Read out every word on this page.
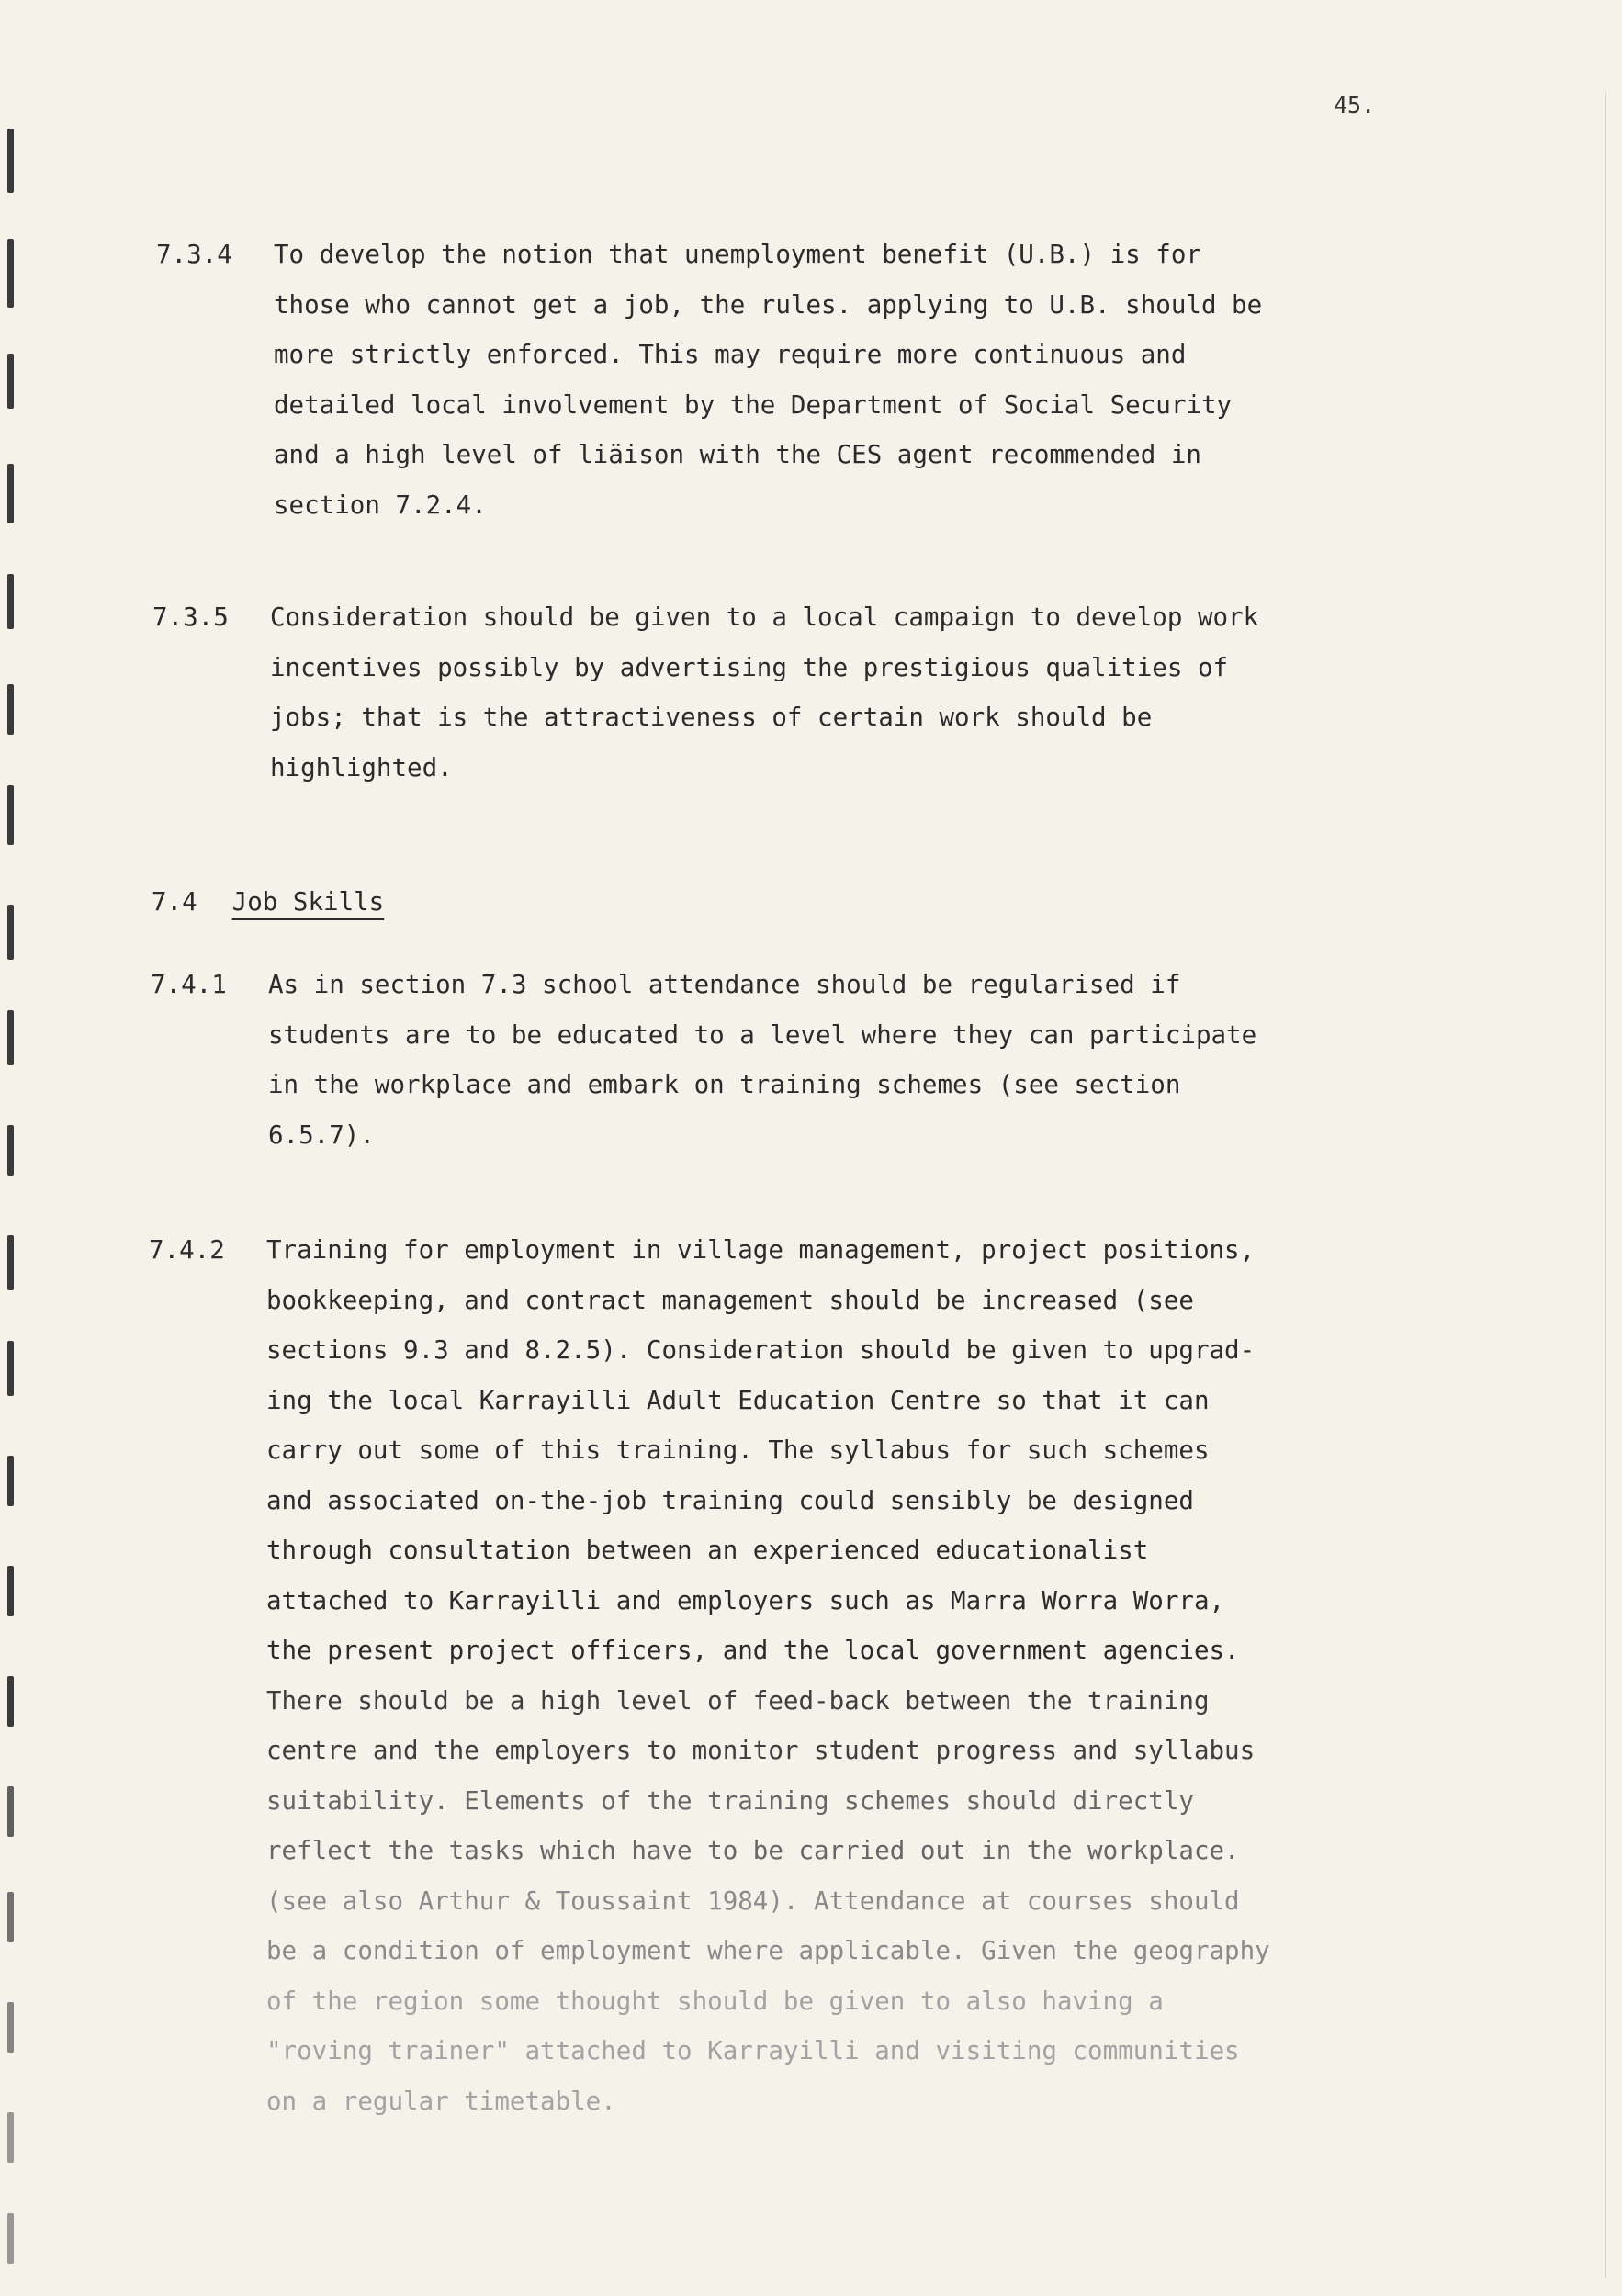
45.
7.3.4 To develop the notion that unemployment benefit (U.B.) is for
those who cannot get a job, the rules. applying to U.B. should be
more strictly enforced. This may require more continuous and
detailed local involvement by the Department of Social Security
and a high level of liäison with the CES agent recommended in
section 7.2.4.
7.3.5 Consideration should be given to a local campaign to develop work
incentives possibly by advertising the prestigious qualities of
jobs; that is the attractiveness of certain work should be
highlighted.
7.4 Job Skills
7.4.1 As in section 7.3 school attendance should be regularised if
students are to be educated to a level where they can participate
in the workplace and embark on training schemes (see section
6.5.7).
7.4.2 Training for employment in village management, project positions,
bookkeeping, and contract management should be increased (see
sections 9.3 and 8.2.5). Consideration should be given to upgrad-
ing the local Karrayilli Adult Education Centre so that it can
carry out some of this training. The syllabus for such schemes
and associated on-the-job training could sensibly be designed
through consultation between an experienced educationalist
attached to Karrayilli and employers such as Marra Worra Worra,
the present project officers, and the local government agencies.
There should be a high level of feed-back between the training
centre and the employers to monitor student progress and syllabus
suitability. Elements of the training schemes should directly
reflect the tasks which have to be carried out in the workplace.
(see also Arthur & Toussaint 1984). Attendance at courses should
be a condition of employment where applicable. Given the geography
of the region some thought should be given to also having a
"roving trainer" attached to Karrayilli and visiting communities
on a regular timetable.
